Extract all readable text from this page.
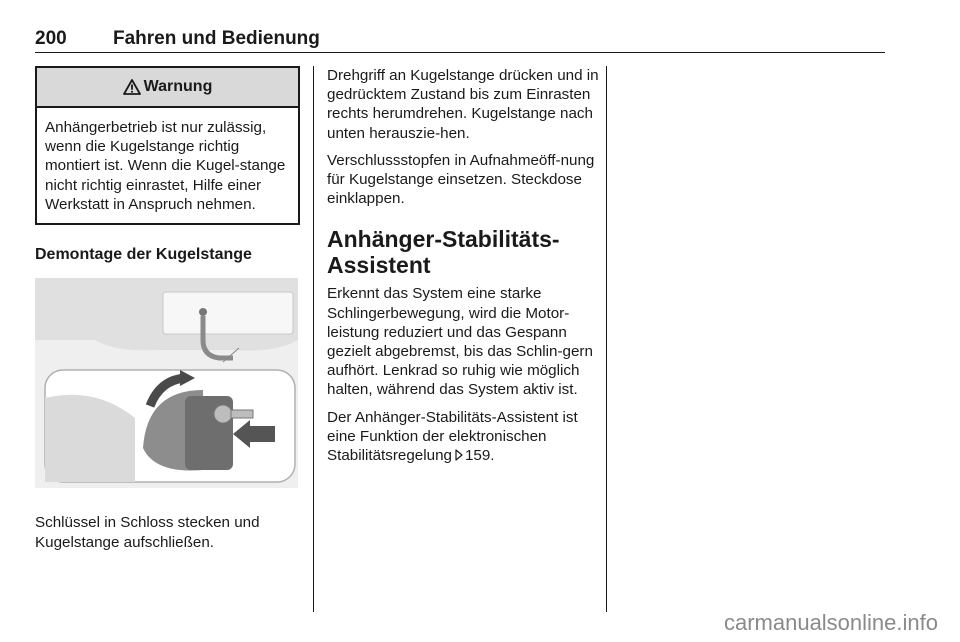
200 Fahren und Bedienung
Warnung
Anhängerbetrieb ist nur zulässig, wenn die Kugelstange richtig montiert ist. Wenn die Kugel-stange nicht richtig einrastet, Hilfe einer Werkstatt in Anspruch nehmen.
Demontage der Kugelstange
Schlüssel in Schloss stecken und Kugelstange aufschließen.

Drehgriff an Kugelstange drücken und in gedrücktem Zustand bis zum Einrasten rechts herumdrehen. Kugelstange nach unten herauszie-hen.

Verschlussstopfen in Aufnahmeöff-nung für Kugelstange einsetzen. Steckdose einklappen.

Anhänger-Stabilitäts-Assistent

Erkennt das System eine starke Schlingerbewegung, wird die Motor-leistung reduziert und das Gespann gezielt abgebremst, bis das Schlin-gern aufhört. Lenkrad so ruhig wie möglich halten, während das System aktiv ist.

Der Anhänger-Stabilitäts-Assistent ist eine Funktion der elektronischen Stabilitätsregelung 159.

carmanualsonline.info
